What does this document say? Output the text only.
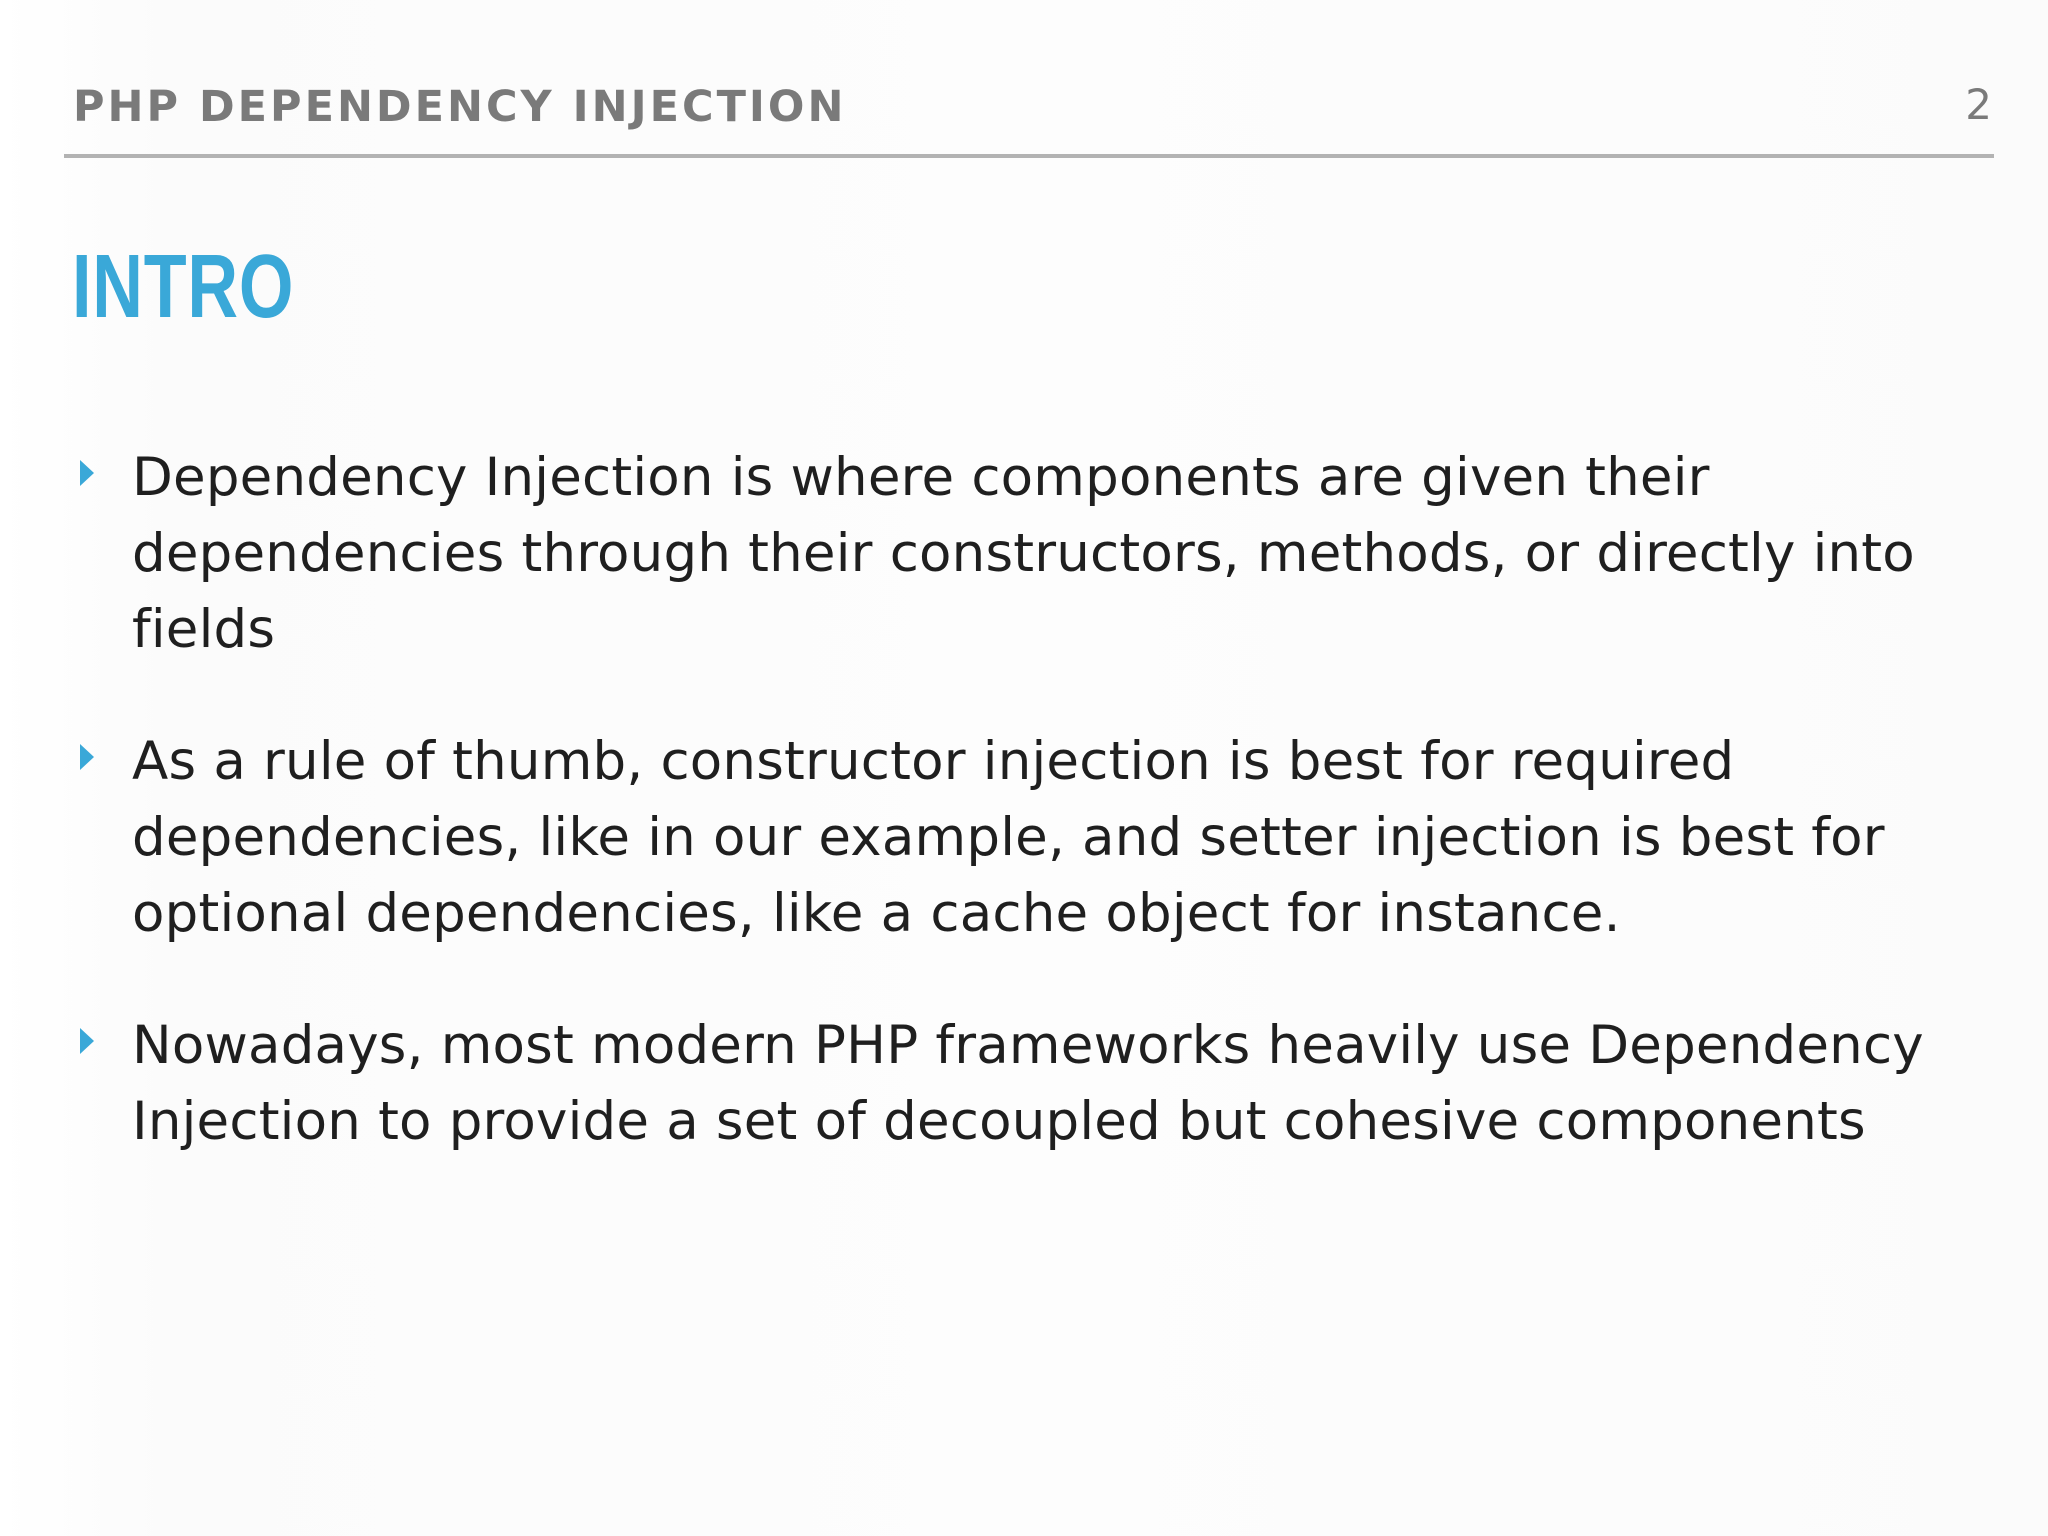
PHP DEPENDENCY INJECTION	2
INTRO
Dependency Injection is where components are given their dependencies through their constructors, methods, or directly into fields
As a rule of thumb, constructor injection is best for required dependencies, like in our example, and setter injection is best for optional dependencies, like a cache object for instance.
Nowadays, most modern PHP frameworks heavily use Dependency Injection to provide a set of decoupled but cohesive components
